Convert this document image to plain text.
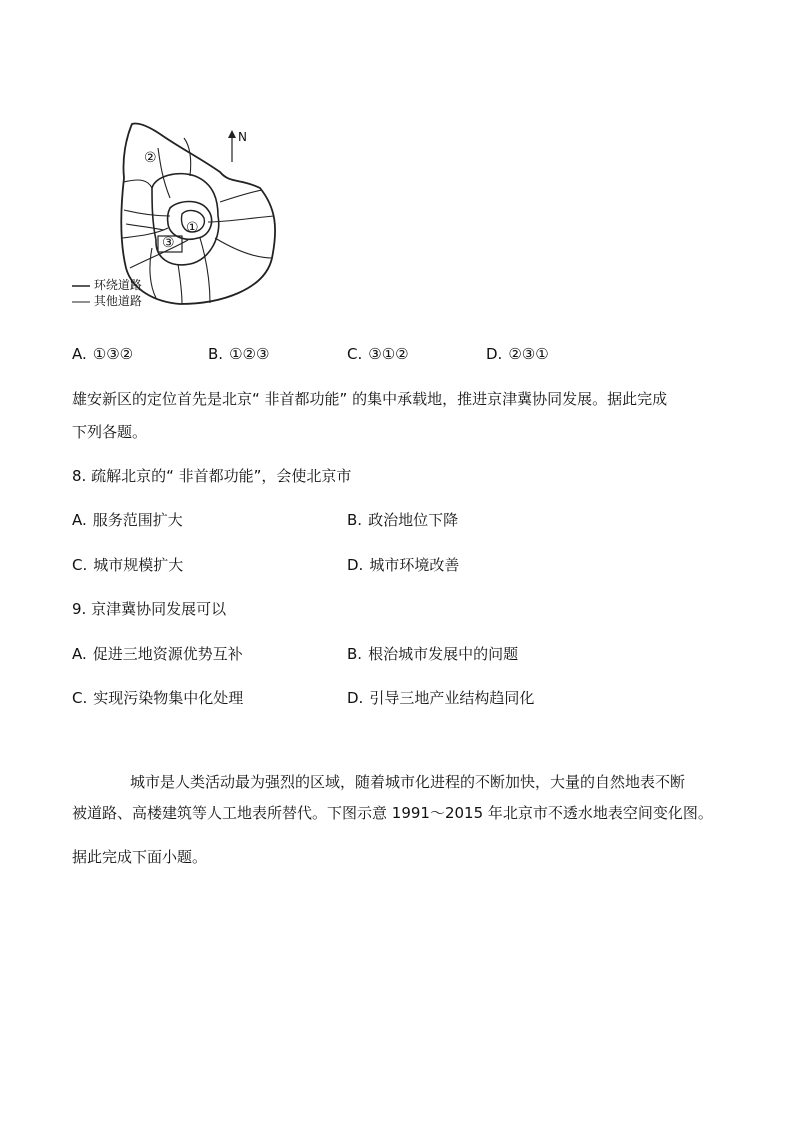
N
②
①
③
环绕道路
其他道路
A. ①③②	B. ①②③	C. ③①②	D. ②③①
雄安新区的定位首先是北京“ 非首都功能” 的集中承载地，推进京津冀协同发展。据此完成
下列各题。
8. 疏解北京的“ 非首都功能”，会使北京市
A. 服务范围扩大	B. 政治地位下降
C. 城市规模扩大	D. 城市环境改善
9. 京津冀协同发展可以
A. 促进三地资源优势互补	B. 根治城市发展中的问题
C. 实现污染物集中化处理	D. 引导三地产业结构趋同化
城市是人类活动最为强烈的区域，随着城市化进程的不断加快，大量的自然地表不断
被道路、高楼建筑等人工地表所替代。下图示意 1991～2015 年北京市不透水地表空间变化图。
据此完成下面小题。
